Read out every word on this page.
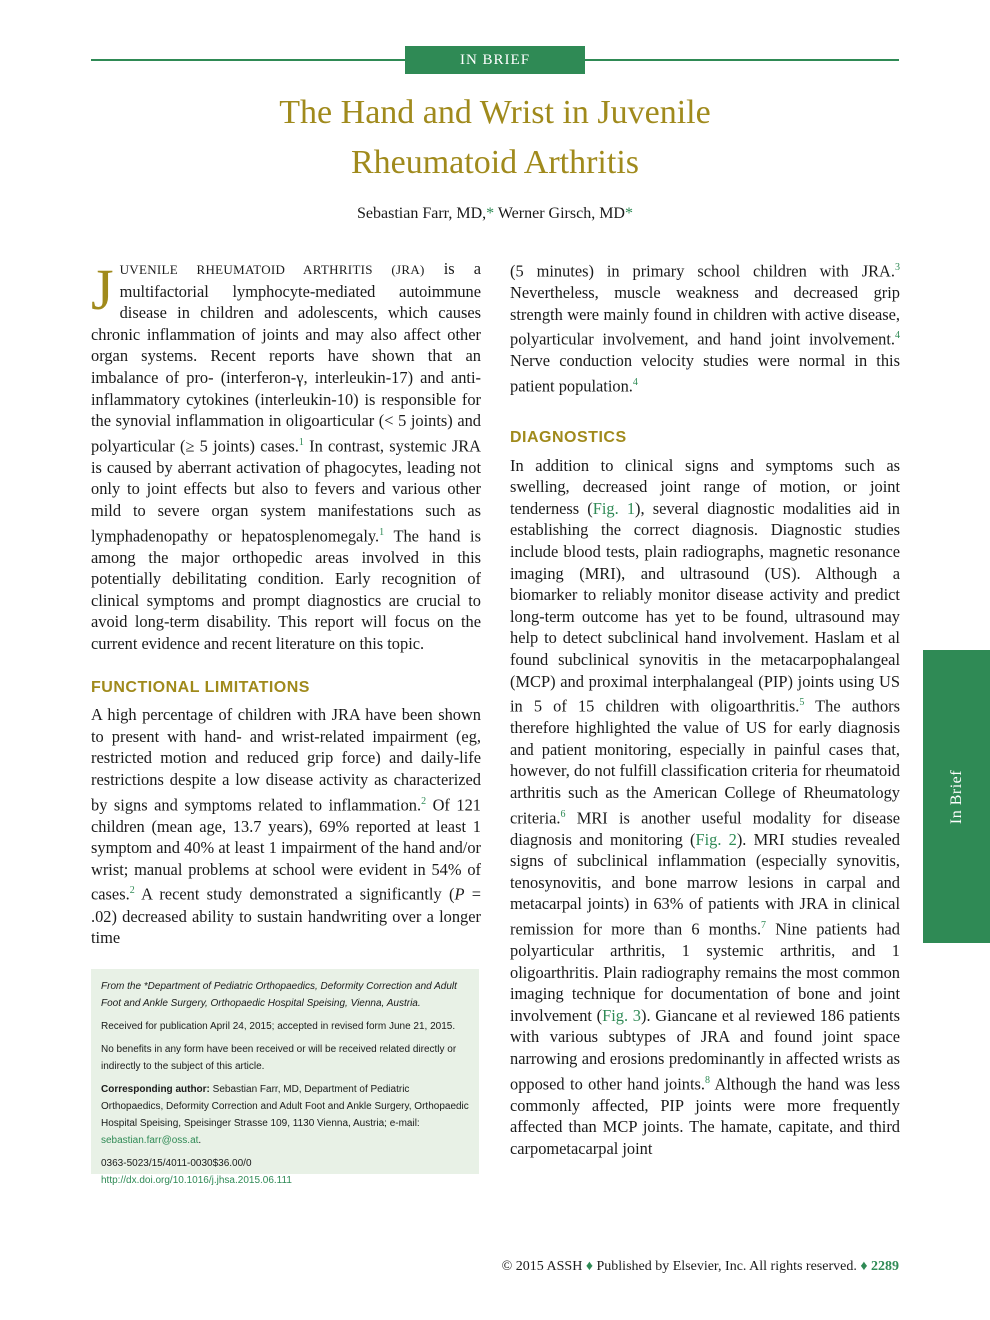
IN BRIEF
The Hand and Wrist in Juvenile
Rheumatoid Arthritis
Sebastian Farr, MD,* Werner Girsch, MD*

JUVENILE RHEUMATOID ARTHRITIS (JRA) is a multifactorial lymphocyte-mediated autoimmune disease in children and adolescents, which causes chronic inflammation of joints and may also affect other organ systems. Recent reports have shown that an imbalance of pro- (interferon-γ, interleukin-17) and anti-inflammatory cytokines (interleukin-10) is responsible for the synovial inflammation in oligoarticular (< 5 joints) and polyarticular (≥ 5 joints) cases.$^1$ In contrast, systemic JRA is caused by aberrant activation of phagocytes, leading not only to joint effects but also to fevers and various other mild to severe organ system manifestations such as lymphadenopathy or hepatosplenomegaly.$^1$ The hand is among the major orthopedic areas involved in this potentially debilitating condition. Early recognition of clinical symptoms and prompt diagnostics are crucial to avoid long-term disability. This report will focus on the current evidence and recent literature on this topic.

FUNCTIONAL LIMITATIONS

A high percentage of children with JRA have been shown to present with hand- and wrist-related impairment (eg, restricted motion and reduced grip force) and daily-life restrictions despite a low disease activity as characterized by signs and symptoms related to inflammation.$^2$ Of 121 children (mean age, 13.7 years), 69% reported at least 1 symptom and 40% at least 1 impairment of the hand and/or wrist; manual problems at school were evident in 54% of cases.$^2$ A recent study demonstrated a significantly (P = .02) decreased ability to sustain handwriting over a longer time

From the *Department of Pediatric Orthopaedics, Deformity Correction and Adult Foot and Ankle Surgery, Orthopaedic Hospital Speising, Vienna, Austria.

Received for publication April 24, 2015; accepted in revised form June 21, 2015.

No benefits in any form have been received or will be received related directly or indirectly to the subject of this article.

Corresponding author: Sebastian Farr, MD, Department of Pediatric Orthopaedics, Deformity Correction and Adult Foot and Ankle Surgery, Orthopaedic Hospital Speising, Speisinger Strasse 109, 1130 Vienna, Austria; e-mail: sebastian.farr@oss.at.

0363-5023/15/4011-0030$36.00/0
http://dx.doi.org/10.1016/j.jhsa.2015.06.111

(5 minutes) in primary school children with JRA.$^3$ Nevertheless, muscle weakness and decreased grip strength were mainly found in children with active disease, polyarticular involvement, and hand joint involvement.$^4$ Nerve conduction velocity studies were normal in this patient population.$^4$

DIAGNOSTICS

In addition to clinical signs and symptoms such as swelling, decreased joint range of motion, or joint tenderness (Fig. 1), several diagnostic modalities aid in establishing the correct diagnosis. Diagnostic studies include blood tests, plain radiographs, magnetic resonance imaging (MRI), and ultrasound (US). Although a biomarker to reliably monitor disease activity and predict long-term outcome has yet to be found, ultrasound may help to detect subclinical hand involvement. Haslam et al found subclinical synovitis in the metacarpophalangeal (MCP) and proximal interphalangeal (PIP) joints using US in 5 of 15 children with oligoarthritis.$^5$ The authors therefore highlighted the value of US for early diagnosis and patient monitoring, especially in painful cases that, however, do not fulfill classification criteria for rheumatoid arthritis such as the American College of Rheumatology criteria.$^6$ MRI is another useful modality for disease diagnosis and monitoring (Fig. 2). MRI studies revealed signs of subclinical inflammation (especially synovitis, tenosynovitis, and bone marrow lesions in carpal and metacarpal joints) in 63% of patients with JRA in clinical remission for more than 6 months.$^7$ Nine patients had polyarticular arthritis, 1 systemic arthritis, and 1 oligoarthritis. Plain radiography remains the most common imaging technique for documentation of bone and joint involvement (Fig. 3). Giancane et al reviewed 186 patients with various subtypes of JRA and found joint space narrowing and erosions predominantly in affected wrists as opposed to other hand joints.$^8$ Although the hand was less commonly affected, PIP joints were more frequently affected than MCP joints. The hamate, capitate, and third carpometacarpal joint

In Brief
© 2015 ASSH ♦ Published by Elsevier, Inc. All rights reserved. ♦ 2289
